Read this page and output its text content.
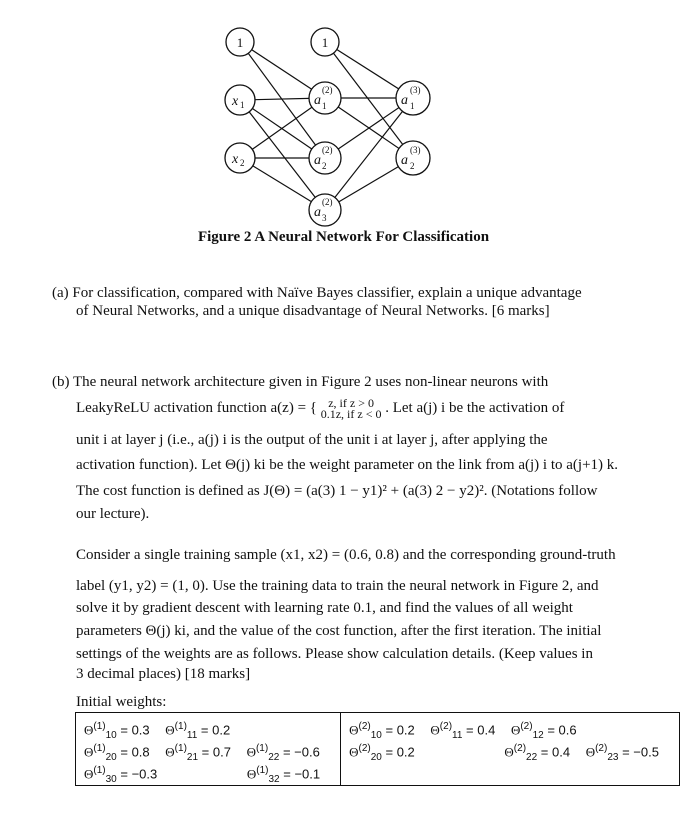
1	1
x 1
x 2
a
(2)
1
a
(2)
2
a
(2)
3
a
(3)
1
a
(3)
2
Figure 2 A Neural Network For Classification
(a) For classification, compared with Naïve Bayes classifier, explain a unique advantage
of Neural Networks, and a unique disadvantage of Neural Networks. [6 marks]
(b) The neural network architecture given in Figure 2 uses non-linear neurons with
LeakyReLU activation function a(z) = { z, if z > 0
0.1z, if z < 0 . Let a(j) i be the activation of
unit i at layer j (i.e., a(j) i is the output of the unit i at layer j, after applying the
activation function). Let Θ(j) ki be the weight parameter on the link from a(j) i to a(j+1) k.
The cost function is defined as J(Θ) = (a(3) 1 − y1)² + (a(3) 2 − y2)². (Notations follow
our lecture).
Consider a single training sample (x1, x2) = (0.6, 0.8) and the corresponding ground-truth
label (y1, y2) = (1, 0). Use the training data to train the neural network in Figure 2, and
solve it by gradient descent with learning rate 0.1, and find the values of all weight
parameters Θ(j) ki, and the value of the cost function, after the first iteration. The initial
settings of the weights are as follows. Please show calculation details. (Keep values in
3 decimal places) [18 marks]
Initial weights:
$\Theta^{(1)}_{10} = 0.3$ $\Theta^{(1)}_{11} = 0.2$
$\Theta^{(1)}_{20} = 0.8$ $\Theta^{(1)}_{21} = 0.7$ $\Theta^{(1)}_{22} = -0.6$
$\Theta^{(1)}_{30} = -0.3$	$\Theta^{(1)}_{32} = -0.1$

$\Theta^{(2)}_{10} = 0.2$ $\Theta^{(2)}_{11} = 0.4$ $\Theta^{(2)}_{12} = 0.6$
$\Theta^{(2)}_{20} = 0.2$	$\Theta^{(2)}_{22} = 0.4$ $\Theta^{(2)}_{23} = -0.5$
